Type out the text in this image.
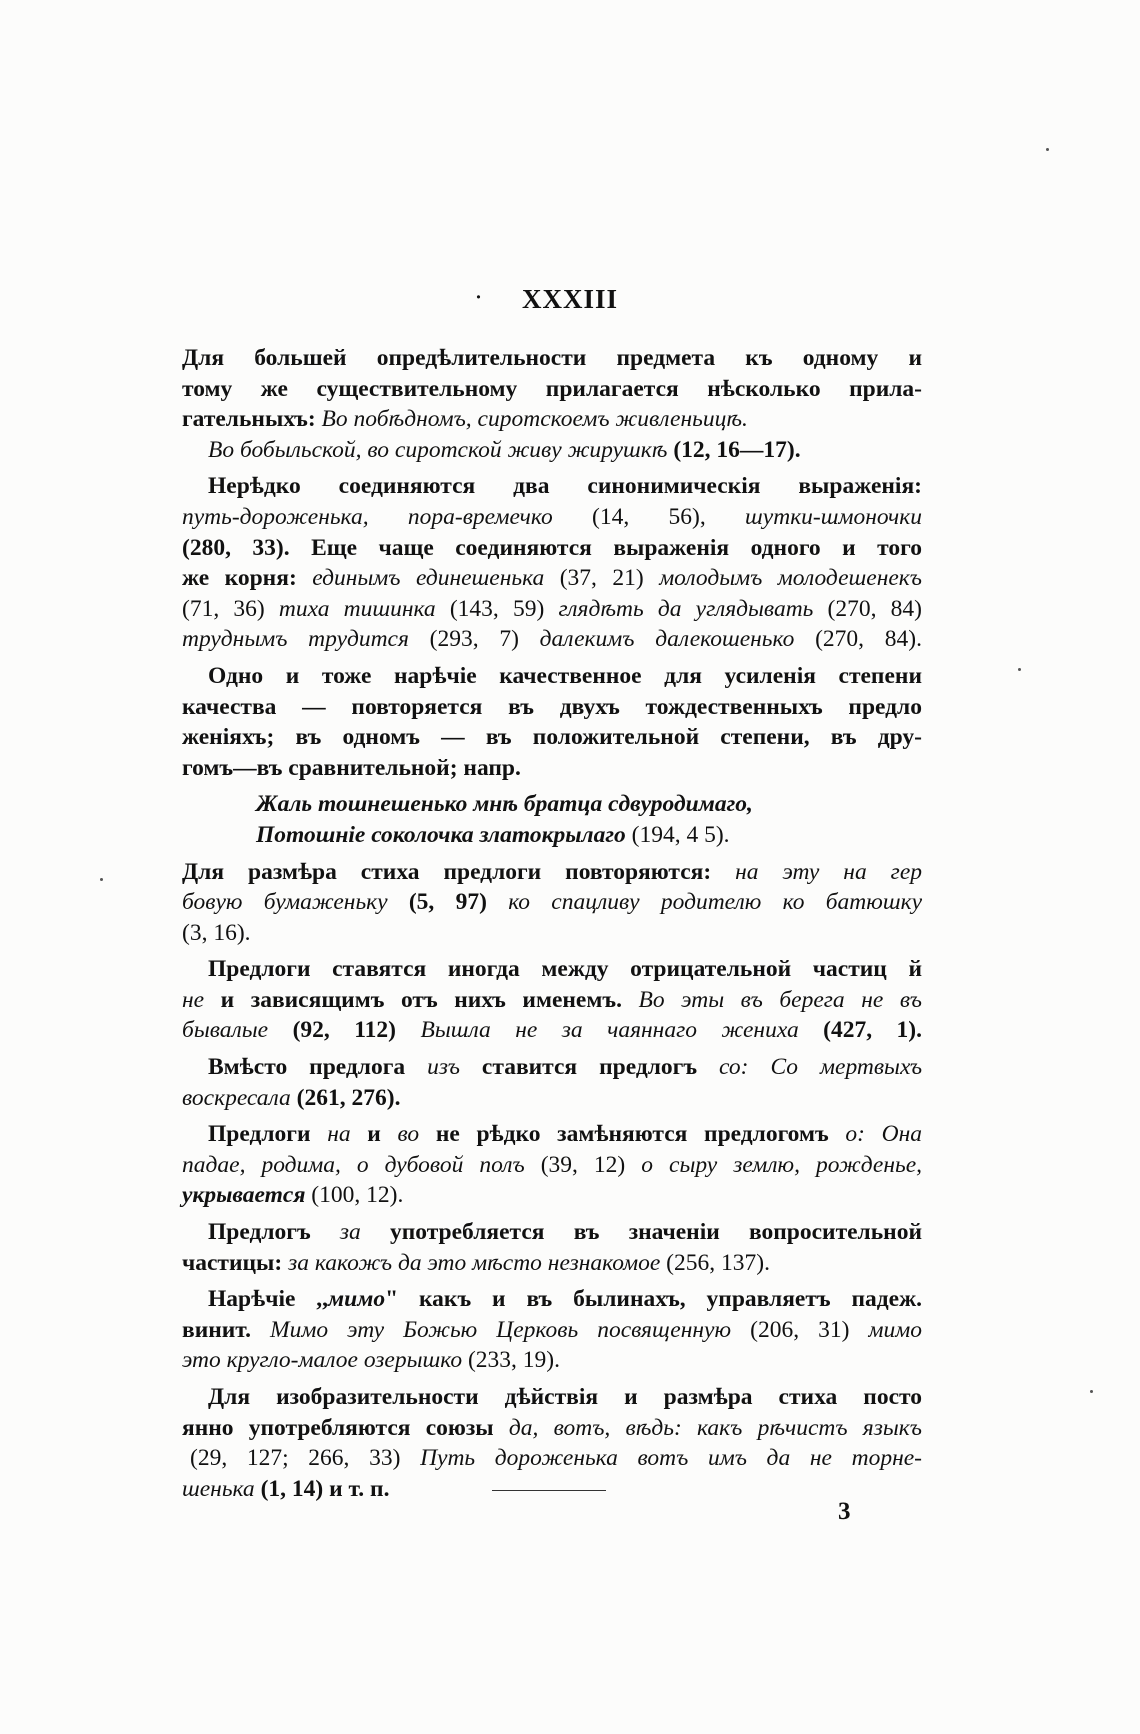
· XXXIII
Для большей опредѣлительности предмета къ одному и
тому же существительному прилагается нѣсколько прила-
гательныхъ: Во побѣдномъ, сиротскоемъ живленьицѣ.
Во бобыльской, во сиротской живу жирушкѣ (12, 16—17).
Нерѣдко соединяются два синонимическія выраженія:
путь-дороженька, пора-времечко (14, 56), шутки-шмоночки
(280, 33). Еще чаще соединяются выраженія одного и того
же корня: единымъ единешенька (37, 21) молодымъ молодешенекъ
(71, 36) тиха тишинка (143, 59) глядѣть да углядывать (270, 84)
труднымъ трудится (293, 7) далекимъ далекошенько (270, 84).
Одно и тоже нарѣчіе качественное для усиленія степени
качества — повторяется въ двухъ тождественныхъ предло
женіяхъ; въ одномъ — въ положительной степени, въ дру-
гомъ—въ сравнительной; напр.
Жаль тошнешенько мнѣ братца сдвуродимаго,
Потошніе соколочка златокрылаго (194, 4 5).
Для размѣра стиха предлоги повторяются: на эту на гер
бовую бумаженьку (5, 97) ко спацливу родителю ко батюшку
(3, 16).
Предлоги ставятся иногда между отрицательной частиц й
не и зависящимъ отъ нихъ именемъ. Во эты въ берега не въ
бывалые (92, 112) Вышла не за чаяннаго жениха (427, 1).
Вмѣсто предлога изъ ставится предлогъ со: Со мертвыхъ
воскресала (261, 276).
Предлоги на и во не рѣдко замѣняются предлогомъ о: Она
падае, родима, о дубовой полъ (39, 12) о сыру землю, рожденье,
укрывается (100, 12).
Предлогъ за употребляется въ значеніи вопросительной
частицы: за какожъ да это мѣсто незнакомое (256, 137).
Нарѣчіе ,,мимо" какъ и въ былинахъ, управляетъ падеж.
винит. Мимо эту Божью Церковь посвященную (206, 31) мимо
это кругло-малое озерышко (233, 19).
Для изобразительности дѣйствія и размѣра стиха посто
янно употребляются союзы да, вотъ, вѣдь: какъ рѣчистъ языкъ
(29, 127; 266, 33) Путь дороженька вотъ имъ да не торне-
шенька (1, 14) и т. п.
3
